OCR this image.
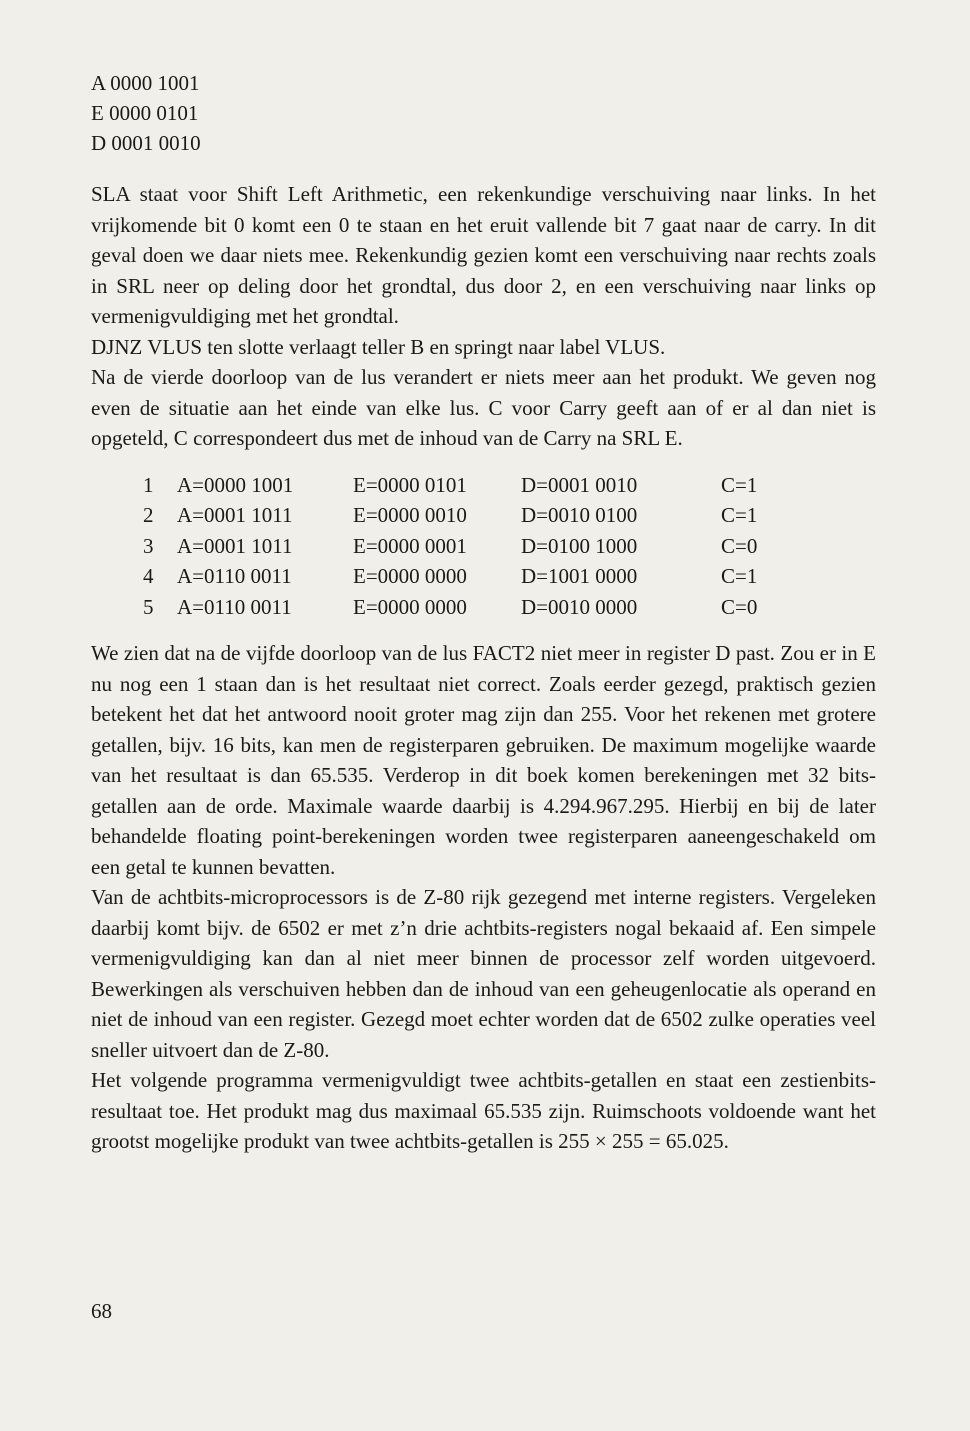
A 0000 1001
E 0000 0101
D 0001 0010

SLA staat voor Shift Left Arithmetic, een rekenkundige verschuiving naar links. In het vrijkomende bit 0 komt een 0 te staan en het eruit vallende bit 7 gaat naar de carry. In dit geval doen we daar niets mee. Rekenkundig gezien komt een verschuiving naar rechts zoals in SRL neer op deling door het grondtal, dus door 2, en een verschuiving naar links op vermenigvuldiging met het grondtal.

DJNZ VLUS ten slotte verlaagt teller B en springt naar label VLUS.

Na de vierde doorloop van de lus verandert er niets meer aan het produkt. We geven nog even de situatie aan het einde van elke lus. C voor Carry geeft aan of er al dan niet is opgeteld, C correspondeert dus met de inhoud van de Carry na SRL E.

1	A=0000 1001	E=0000 0101	D=0001 0010	C=1
2	A=0001 1011	E=0000 0010	D=0010 0100	C=1
3	A=0001 1011	E=0000 0001	D=0100 1000	C=0
4	A=0110 0011	E=0000 0000	D=1001 0000	C=1
5	A=0110 0011	E=0000 0000	D=0010 0000	C=0

We zien dat na de vijfde doorloop van de lus FACT2 niet meer in register D past. Zou er in E nu nog een 1 staan dan is het resultaat niet correct. Zoals eerder gezegd, praktisch gezien betekent het dat het antwoord nooit groter mag zijn dan 255. Voor het rekenen met grotere getallen, bijv. 16 bits, kan men de registerparen gebruiken. De maximum mogelijke waarde van het resultaat is dan 65.535. Verderop in dit boek komen berekeningen met 32 bits-getallen aan de orde. Maximale waarde daarbij is 4.294.967.295. Hierbij en bij de later behandelde floating point-berekeningen worden twee registerparen aaneengeschakeld om een getal te kunnen bevatten.

Van de achtbits-microprocessors is de Z-80 rijk gezegend met interne registers. Vergeleken daarbij komt bijv. de 6502 er met z’n drie achtbits-registers nogal bekaaid af. Een simpele vermenigvuldiging kan dan al niet meer binnen de processor zelf worden uitgevoerd. Bewerkingen als verschuiven hebben dan de inhoud van een geheugenlocatie als operand en niet de inhoud van een register. Gezegd moet echter worden dat de 6502 zulke operaties veel sneller uitvoert dan de Z-80.

Het volgende programma vermenigvuldigt twee achtbits-getallen en staat een zestienbits-resultaat toe. Het produkt mag dus maximaal 65.535 zijn. Ruimschoots voldoende want het grootst mogelijke produkt van twee achtbits-getallen is 255 × 255 = 65.025.

68
